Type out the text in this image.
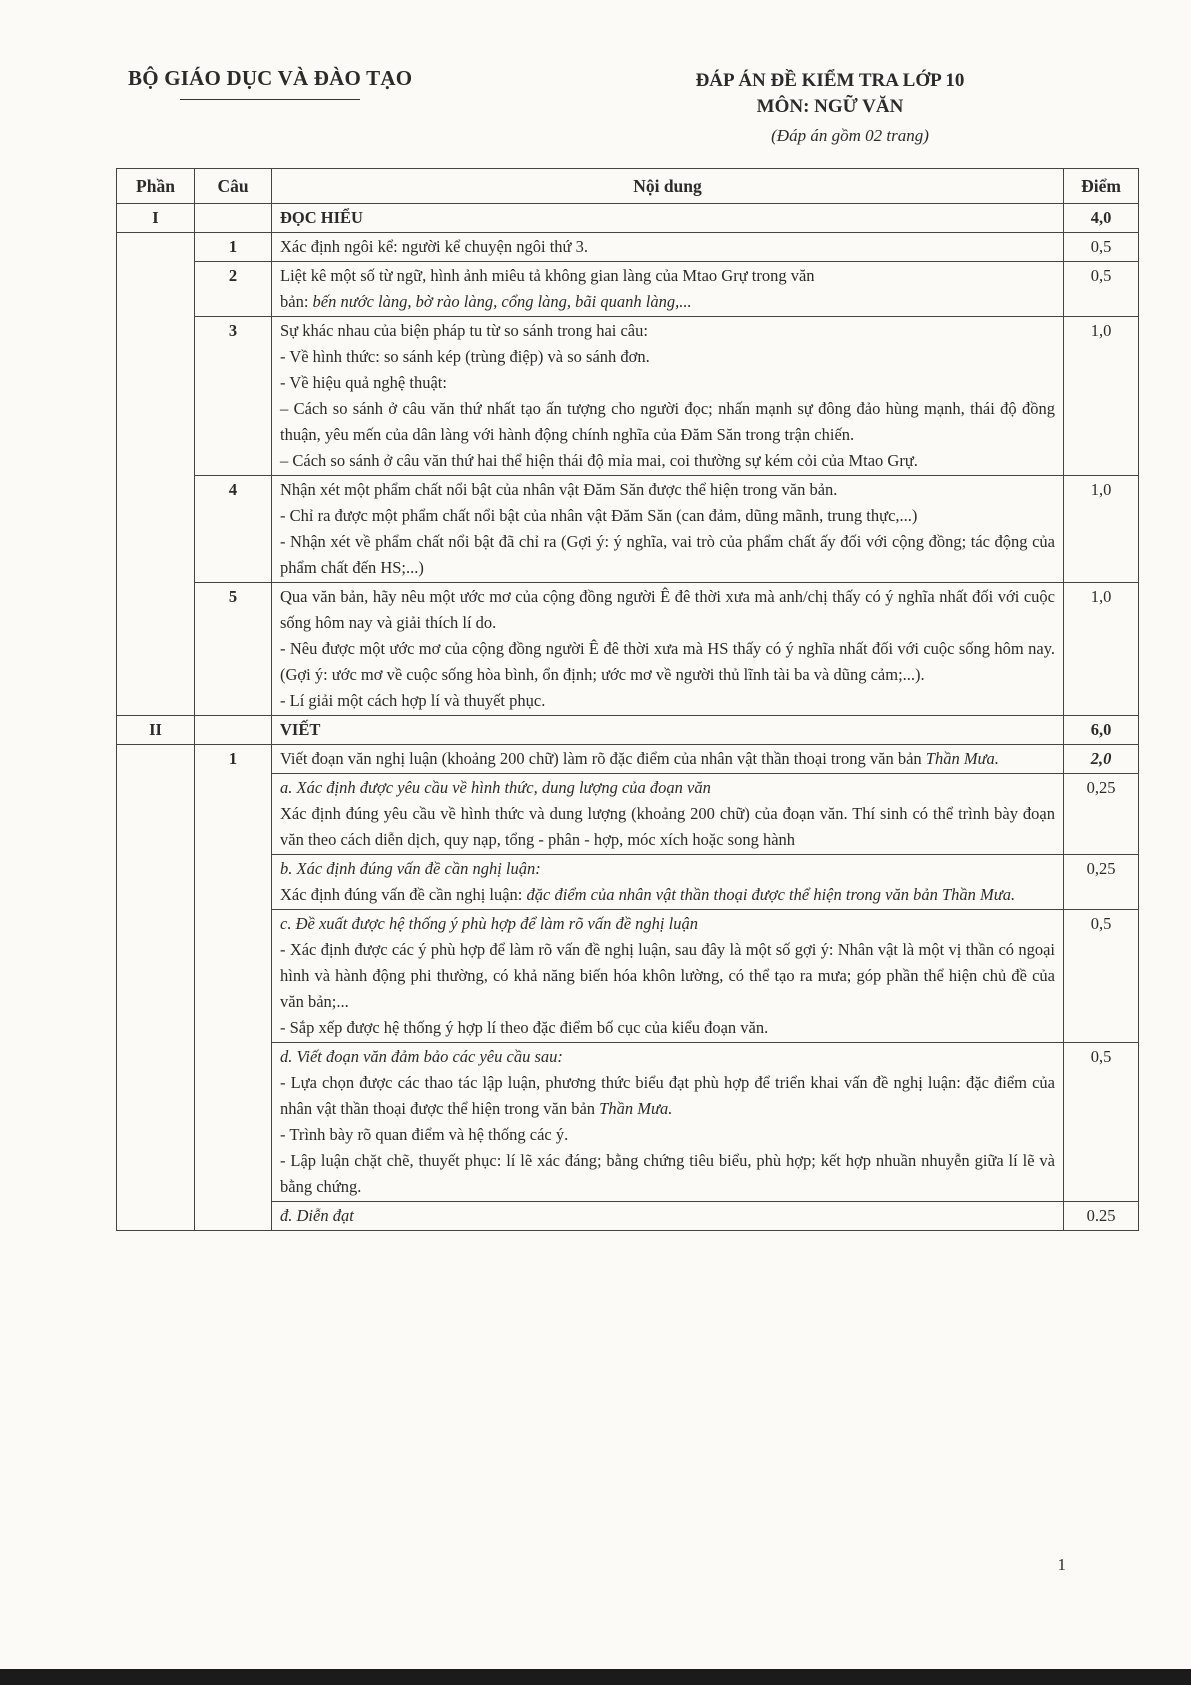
BỘ GIÁO DỤC VÀ ĐÀO TẠO	ĐÁP ÁN ĐỀ KIỂM TRA LỚP 10
MÔN: NGỮ VĂN
(Đáp án gồm 02 trang)
Phần	Câu	Nội dung	Điểm
I		ĐỌC HIỂU	4,0
	1	Xác định ngôi kể: người kể chuyện ngôi thứ 3.	0,5
	2	Liệt kê một số từ ngữ, hình ảnh miêu tả không gian làng của Mtao Grự trong văn
bản: bến nước làng, bờ rào làng, cổng làng, bãi quanh làng,...	0,5
	3	Sự khác nhau của biện pháp tu từ so sánh trong hai câu:
- Về hình thức: so sánh kép (trùng điệp) và so sánh đơn.
- Về hiệu quả nghệ thuật:
– Cách so sánh ở câu văn thứ nhất tạo ấn tượng cho người đọc; nhấn mạnh sự đông đảo hùng mạnh, thái độ đồng thuận, yêu mến của dân làng với hành động chính nghĩa của Đăm Săn trong trận chiến.
– Cách so sánh ở câu văn thứ hai thể hiện thái độ mỉa mai, coi thường sự kém cỏi của Mtao Grự.	1,0
	4	Nhận xét một phẩm chất nổi bật của nhân vật Đăm Săn được thể hiện trong văn bản.
- Chỉ ra được một phẩm chất nổi bật của nhân vật Đăm Săn (can đảm, dũng mãnh, trung thực,...)
- Nhận xét về phẩm chất nổi bật đã chỉ ra (Gợi ý: ý nghĩa, vai trò của phẩm chất ấy đối với cộng đồng; tác động của phẩm chất đến HS;...)	1,0
	5	Qua văn bản, hãy nêu một ước mơ của cộng đồng người Ê đê thời xưa mà anh/chị thấy có ý nghĩa nhất đối với cuộc sống hôm nay và giải thích lí do.
- Nêu được một ước mơ của cộng đồng người Ê đê thời xưa mà HS thấy có ý nghĩa nhất đối với cuộc sống hôm nay. (Gợi ý: ước mơ về cuộc sống hòa bình, ổn định; ước mơ về người thủ lĩnh tài ba và dũng cảm;...).
- Lí giải một cách hợp lí và thuyết phục.	1,0
II		VIẾT	6,0
	1	Viết đoạn văn nghị luận (khoảng 200 chữ) làm rõ đặc điểm của nhân vật thần thoại trong văn bản Thần Mưa.	2,0

		a. Xác định được yêu cầu về hình thức, dung lượng của đoạn văn
Xác định đúng yêu cầu về hình thức và dung lượng (khoảng 200 chữ) của đoạn văn. Thí sinh có thể trình bày đoạn văn theo cách diễn dịch, quy nạp, tổng - phân - hợp, móc xích hoặc song hành	0,25

		b. Xác định đúng vấn đề cần nghị luận:
Xác định đúng vấn đề cần nghị luận: đặc điểm của nhân vật thần thoại được thể hiện trong văn bản Thần Mưa.	0,25

		c. Đề xuất được hệ thống ý phù hợp để làm rõ vấn đề nghị luận
- Xác định được các ý phù hợp để làm rõ vấn đề nghị luận, sau đây là một số gợi ý: Nhân vật là một vị thần có ngoại hình và hành động phi thường, có khả năng biến hóa khôn lường, có thể tạo ra mưa; góp phần thể hiện chủ đề của văn bản;...
- Sắp xếp được hệ thống ý hợp lí theo đặc điểm bố cục của kiểu đoạn văn.	0,5

		d. Viết đoạn văn đảm bảo các yêu cầu sau:
- Lựa chọn được các thao tác lập luận, phương thức biểu đạt phù hợp để triển khai vấn đề nghị luận: đặc điểm của nhân vật thần thoại được thể hiện trong văn bản Thần Mưa.
- Trình bày rõ quan điểm và hệ thống các ý.
- Lập luận chặt chẽ, thuyết phục: lí lẽ xác đáng; bằng chứng tiêu biểu, phù hợp; kết hợp nhuần nhuyễn giữa lí lẽ và bằng chứng.	0,5

		đ. Diễn đạt	0.25
1
